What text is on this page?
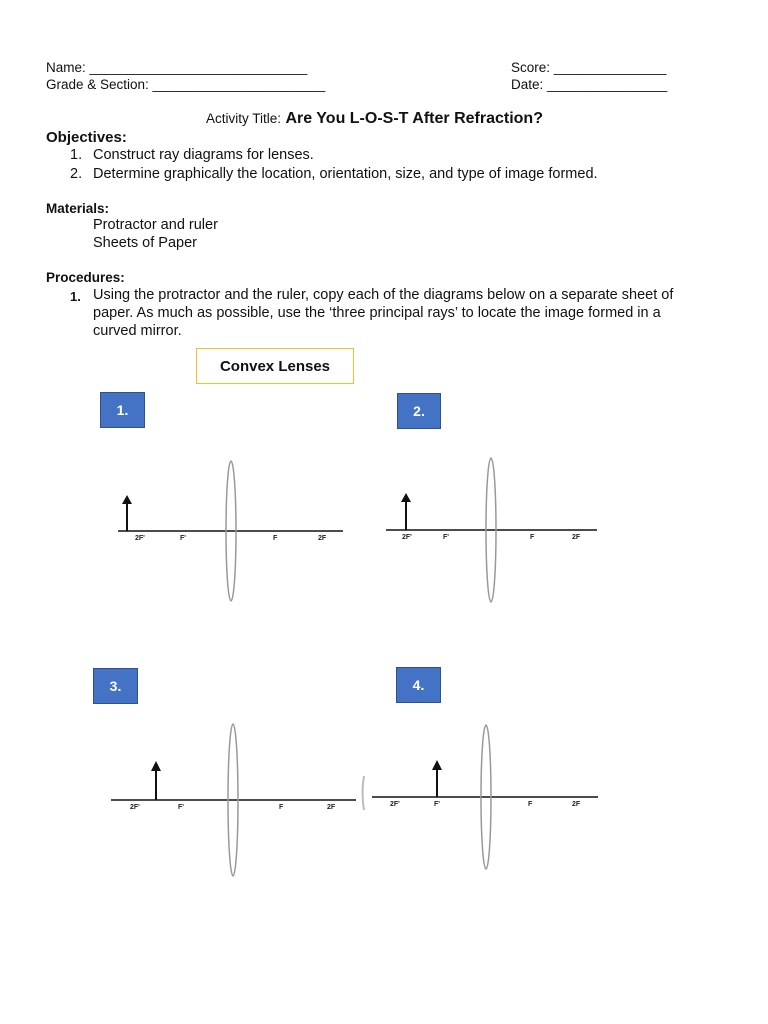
Name: _____________________________	Score: _______________
Grade & Section: _______________________	Date: ________________
Activity Title: Are You L-O-S-T After Refraction?
Objectives:
1. Construct ray diagrams for lenses.
2. Determine graphically the location, orientation, size, and type of image formed.
Materials:
Protractor and ruler
Sheets of Paper
Procedures:
1. Using the protractor and the ruler, copy each of the diagrams below on a separate sheet of
paper. As much as possible, use the ‘three principal rays’ to locate the image formed in a
curved mirror.
Convex Lenses
1.	2.
3.	4.
2F'	F'	F	2F	2F'	F'	F	2F
2F'	F'	F	2F	2F'	F'	F	2F
